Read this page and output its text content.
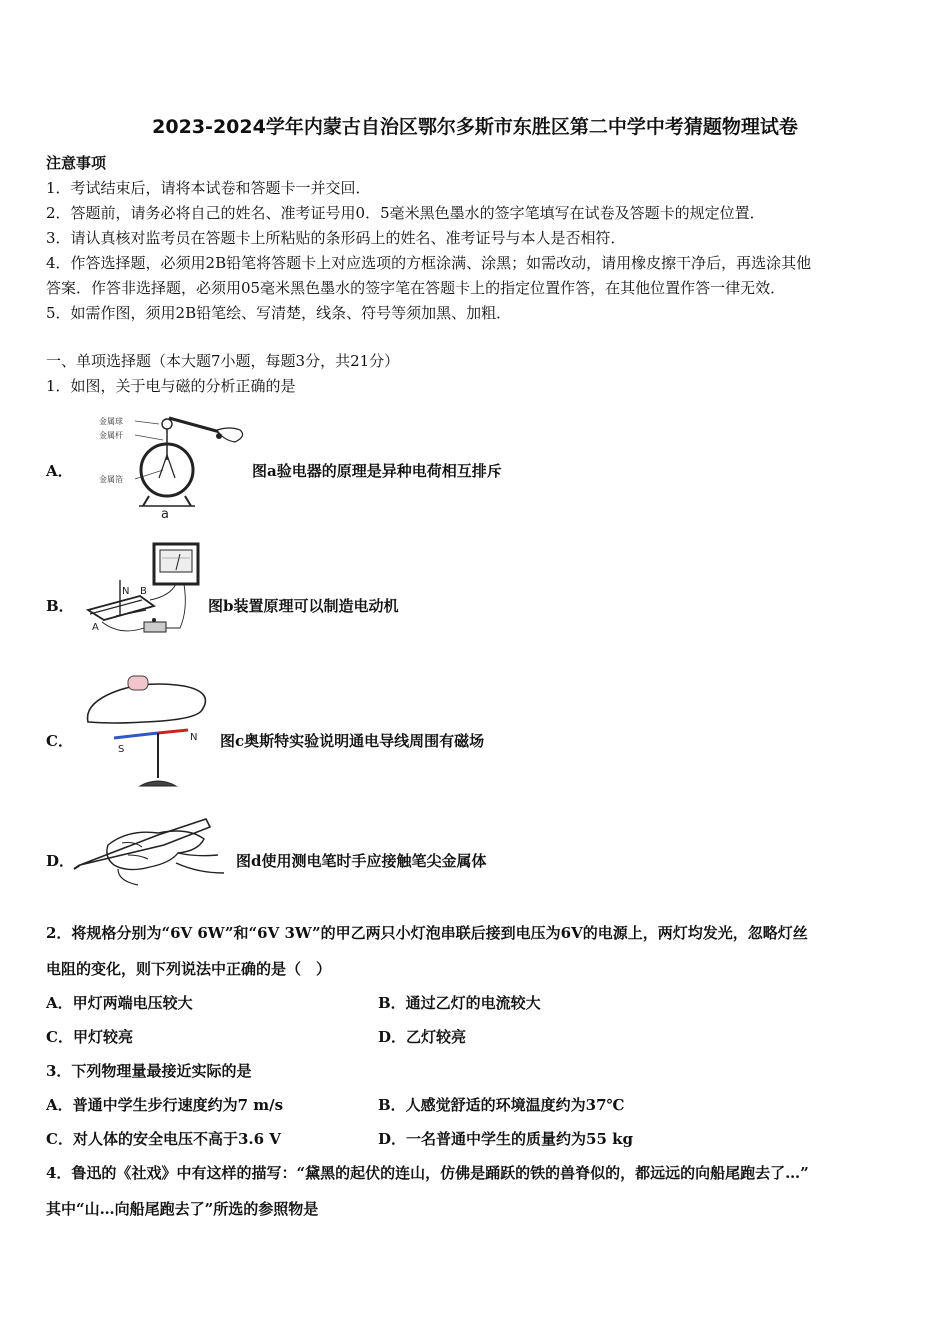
2023-2024学年内蒙古自治区鄂尔多斯市东胜区第二中学中考猜题物理试卷
注意事项
1．考试结束后，请将本试卷和答题卡一并交回．
2．答题前，请务必将自己的姓名、准考证号用0．5毫米黑色墨水的签字笔填写在试卷及答题卡的规定位置．
3．请认真核对监考员在答题卡上所粘贴的条形码上的姓名、准考证号与本人是否相符．
4．作答选择题，必须用2B铅笔将答题卡上对应选项的方框涂满、涂黑；如需改动，请用橡皮擦干净后，再选涂其他
答案．作答非选择题，必须用05毫米黑色墨水的签字笔在答题卡上的指定位置作答，在其他位置作答一律无效．
5．如需作图，须用2B铅笔绘、写清楚，线条、符号等须加黑、加粗．
一、单项选择题（本大题7小题，每题3分，共21分）
1．如图，关于电与磁的分析正确的是
A．
金属球
金属杆
金属箔
a
图a验电器的原理是异种电荷相互排斥
B．
N B
A
图b装置原理可以制造电动机
C．	S
N 图c奥斯特实验说明通电导线周围有磁场
D．	图d使用测电笔时手应接触笔尖金属体
2．将规格分别为“6V 6W”和“6V 3W”的甲乙两只小灯泡串联后接到电压为6V的电源上，两灯均发光，忽略灯丝
电阻的变化，则下列说法中正确的是（　）
A．甲灯两端电压较大	B．通过乙灯的电流较大
C．甲灯较亮	D．乙灯较亮
3．下列物理量最接近实际的是
A．普通中学生步行速度约为7 m/s	B．人感觉舒适的环境温度约为37℃
C．对人体的安全电压不高于3.6 V	D．一名普通中学生的质量约为55 kg
4．鲁迅的《社戏》中有这样的描写：“黛黑的起伏的连山，仿佛是踊跃的铁的兽脊似的，都远远的向船尾跑去了…”
其中“山…向船尾跑去了”所选的参照物是
